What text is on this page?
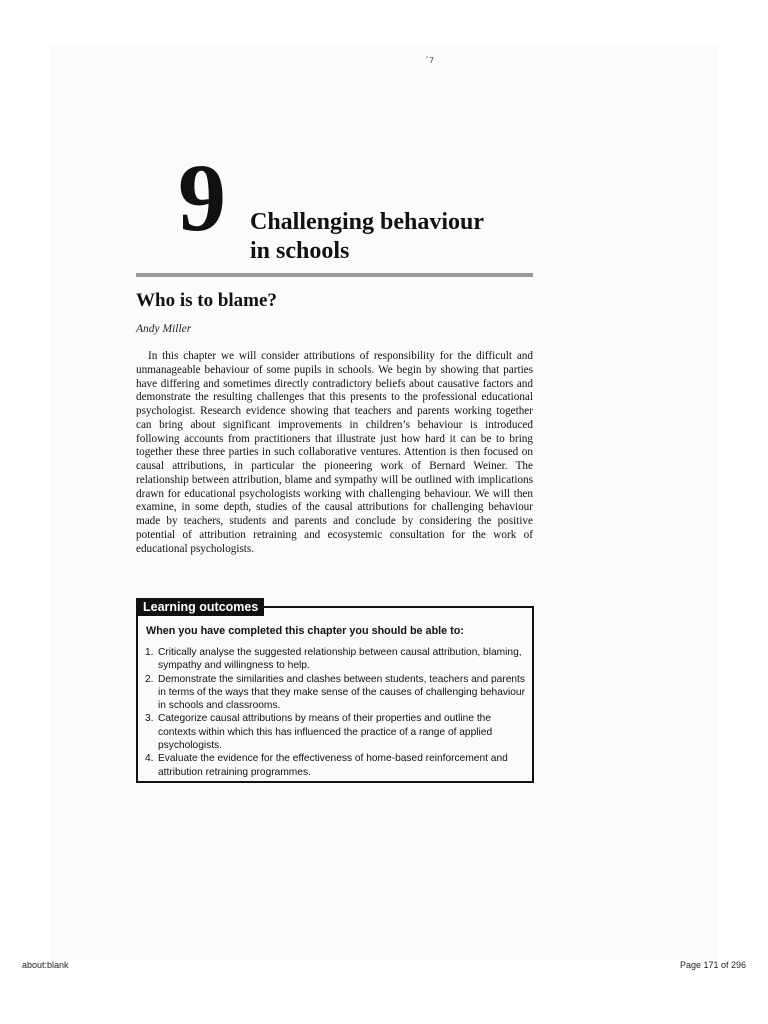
ˆ7
9 Challenging behaviour
in schools
Who is to blame?
Andy Miller

In this chapter we will consider attributions of responsibility for the difficult and unmanageable behaviour of some pupils in schools. We begin by showing that parties have differing and sometimes directly contradictory beliefs about causative factors and demonstrate the resulting challenges that this presents to the professional educational psychologist. Research evidence showing that teachers and parents working together can bring about significant improvements in children’s behaviour is introduced following accounts from practitioners that illustrate just how hard it can be to bring together these three parties in such collaborative ventures. Attention is then focused on causal attributions, in particular the pioneering work of Bernard Weiner. The relationship between attribution, blame and sympathy will be outlined with implications drawn for educational psychologists working with challenging behaviour. We will then examine, in some depth, studies of the causal attributions for challenging behaviour made by teachers, students and parents and conclude by considering the positive potential of attribution retraining and ecosystemic consultation for the work of educational psychologists.

Learning outcomes
When you have completed this chapter you should be able to:
1. Critically analyse the suggested relationship between causal attribution, blaming, sympathy and willingness to help.
2. Demonstrate the similarities and clashes between students, teachers and parents in terms of the ways that they make sense of the causes of challenging behaviour in schools and classrooms.
3. Categorize causal attributions by means of their properties and outline the contexts within which this has influenced the practice of a range of applied psychologists.
4. Evaluate the evidence for the effectiveness of home-based reinforcement and attribution retraining programmes.
about:blank	Page 171 of 296
